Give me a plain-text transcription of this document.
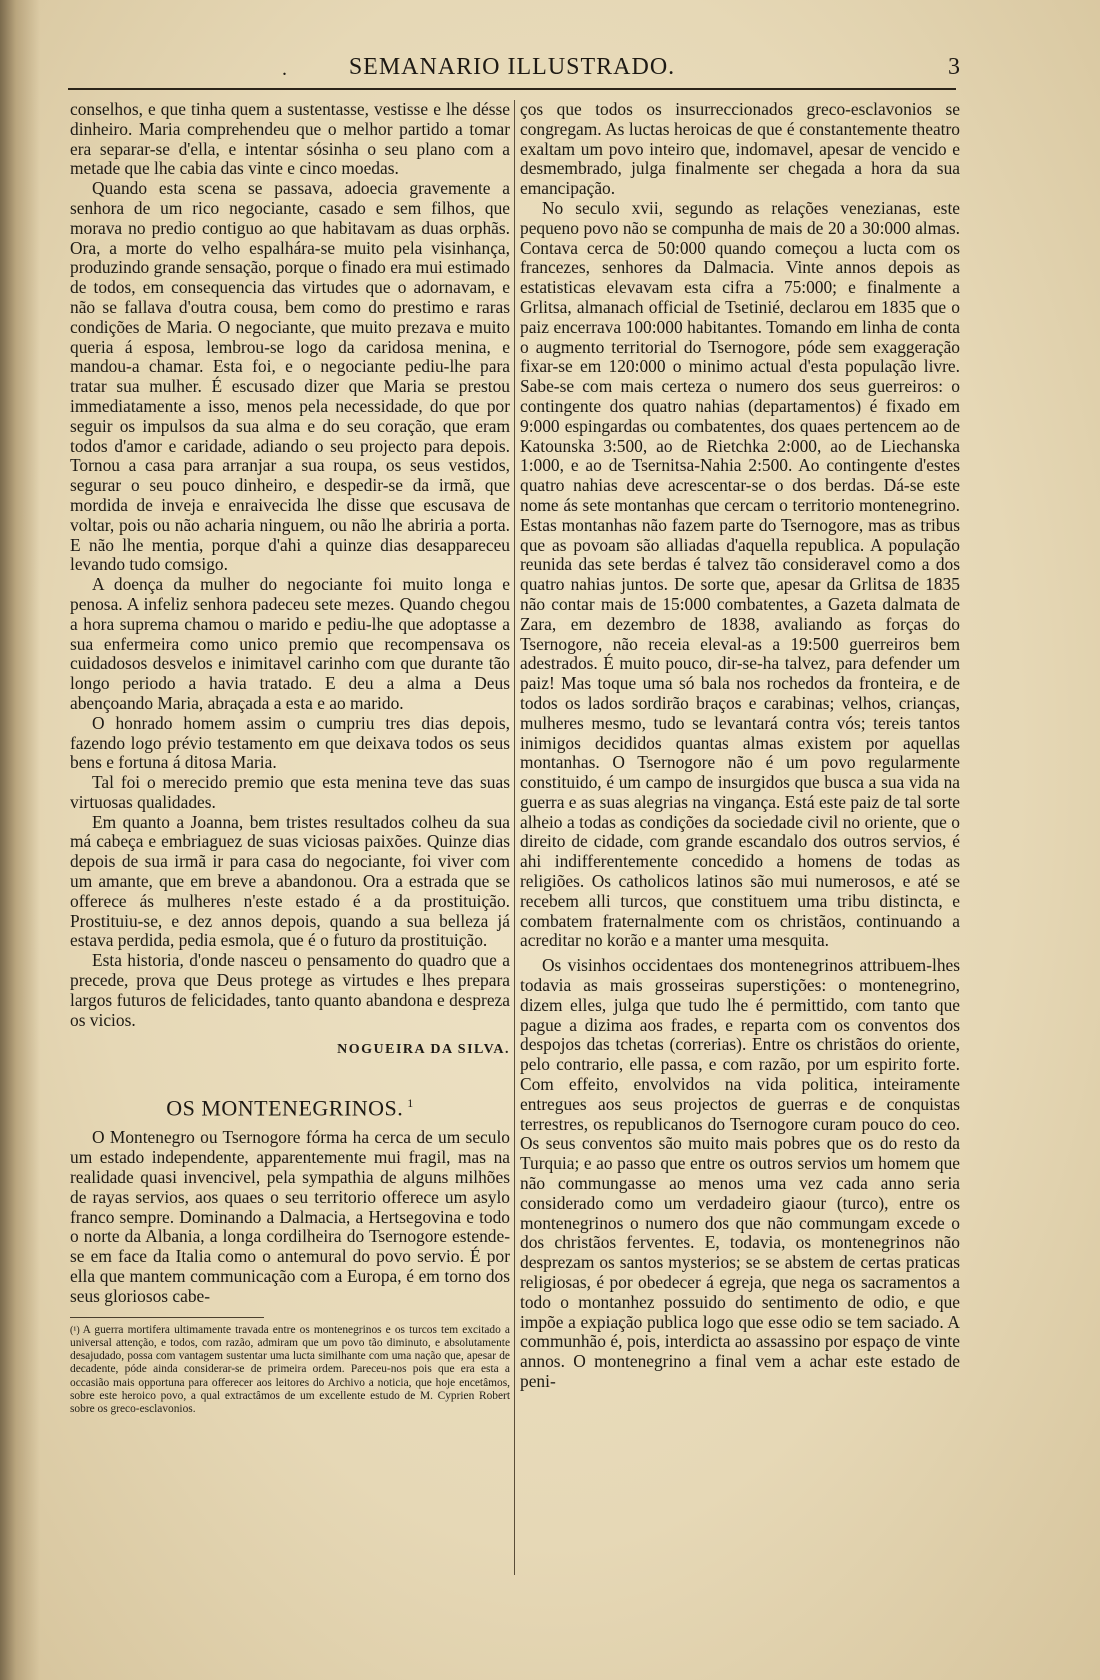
.	SEMANARIO ILLUSTRADO.	3

conselhos, e que tinha quem a sustentasse, vestisse e lhe désse dinheiro. Maria comprehendeu que o melhor partido a tomar era separar-se d'ella, e intentar sósinha o seu plano com a metade que lhe cabia das vinte e cinco moedas.

Quando esta scena se passava, adoecia gravemente a senhora de um rico negociante, casado e sem filhos, que morava no predio contiguo ao que habitavam as duas orphãs. Ora, a morte do velho espalhára-se muito pela visinhança, produzindo grande sensação, porque o finado era mui estimado de todos, em consequencia das virtudes que o adornavam, e não se fallava d'outra cousa, bem como do prestimo e raras condições de Maria. O negociante, que muito prezava e muito queria á esposa, lembrou-se logo da caridosa menina, e mandou-a chamar. Esta foi, e o negociante pediu-lhe para tratar sua mulher. É escusado dizer que Maria se prestou immediatamente a isso, menos pela necessidade, do que por seguir os impulsos da sua alma e do seu coração, que eram todos d'amor e caridade, adiando o seu projecto para depois. Tornou a casa para arranjar a sua roupa, os seus vestidos, segurar o seu pouco dinheiro, e despedir-se da irmã, que mordida de inveja e enraivecida lhe disse que escusava de voltar, pois ou não acharia ninguem, ou não lhe abriria a porta. E não lhe mentia, porque d'ahi a quinze dias desappareceu levando tudo comsigo.

A doença da mulher do negociante foi muito longa e penosa. A infeliz senhora padeceu sete mezes. Quando chegou a hora suprema chamou o marido e pediu-lhe que adoptasse a sua enfermeira como unico premio que recompensava os cuidadosos desvelos e inimitavel carinho com que durante tão longo periodo a havia tratado. E deu a alma a Deus abençoando Maria, abraçada a esta e ao marido.

O honrado homem assim o cumpriu tres dias depois, fazendo logo prévio testamento em que deixava todos os seus bens e fortuna á ditosa Maria.

Tal foi o merecido premio que esta menina teve das suas virtuosas qualidades.

Em quanto a Joanna, bem tristes resultados colheu da sua má cabeça e embriaguez de suas viciosas paixões. Quinze dias depois de sua irmã ir para casa do negociante, foi viver com um amante, que em breve a abandonou. Ora a estrada que se offerece ás mulheres n'este estado é a da prostituição. Prostituiu-se, e dez annos depois, quando a sua belleza já estava perdida, pedia esmola, que é o futuro da prostituição.

Esta historia, d'onde nasceu o pensamento do quadro que a precede, prova que Deus protege as virtudes e lhes prepara largos futuros de felicidades, tanto quanto abandona e despreza os vicios.

NOGUEIRA DA SILVA.
OS MONTENEGRINOS. $^1$

O Montenegro ou Tsernogore fórma ha cerca de um seculo um estado independente, apparentemente mui fragil, mas na realidade quasi invencivel, pela sympathia de alguns milhões de rayas servios, aos quaes o seu territorio offerece um asylo franco sempre. Dominando a Dalmacia, a Hertsegovina e todo o norte da Albania, a longa cordilheira do Tsernogore estende-se em face da Italia como o antemural do povo servio. É por ella que mantem communicação com a Europa, é em torno dos seus gloriosos cabe-

(¹) A guerra mortifera ultimamente travada entre os montenegrinos e os turcos tem excitado a universal attenção, e todos, com razão, admiram que um povo tão diminuto, e absolutamente desajudado, possa com vantagem sustentar uma lucta similhante com uma nação que, apesar de decadente, póde ainda considerar-se de primeira ordem. Pareceu-nos pois que era esta a occasião mais opportuna para offerecer aos leitores do Archivo a noticia, que hoje encetâmos, sobre este heroico povo, a qual extractâmos de um excellente estudo de M. Cyprien Robert sobre os greco-esclavonios.

ços que todos os insurreccionados greco-esclavonios se congregam. As luctas heroicas de que é constantemente theatro exaltam um povo inteiro que, indomavel, apesar de vencido e desmembrado, julga finalmente ser chegada a hora da sua emancipação.

No seculo xvii, segundo as relações venezianas, este pequeno povo não se compunha de mais de 20 a 30:000 almas. Contava cerca de 50:000 quando começou a lucta com os francezes, senhores da Dalmacia. Vinte annos depois as estatisticas elevavam esta cifra a 75:000; e finalmente a Grlitsa, almanach official de Tsetinié, declarou em 1835 que o paiz encerrava 100:000 habitantes. Tomando em linha de conta o augmento territorial do Tsernogore, póde sem exaggeração fixar-se em 120:000 o minimo actual d'esta população livre. Sabe-se com mais certeza o numero dos seus guerreiros: o contingente dos quatro nahias (departamentos) é fixado em 9:000 espingardas ou combatentes, dos quaes pertencem ao de Katounska 3:500, ao de Rietchka 2:000, ao de Liechanska 1:000, e ao de Tsernitsa-Nahia 2:500. Ao contingente d'estes quatro nahias deve acrescentar-se o dos berdas. Dá-se este nome ás sete montanhas que cercam o territorio montenegrino. Estas montanhas não fazem parte do Tsernogore, mas as tribus que as povoam são alliadas d'aquella republica. A população reunida das sete berdas é talvez tão consideravel como a dos quatro nahias juntos. De sorte que, apesar da Grlitsa de 1835 não contar mais de 15:000 combatentes, a Gazeta dalmata de Zara, em dezembro de 1838, avaliando as forças do Tsernogore, não receia eleval-as a 19:500 guerreiros bem adestrados. É muito pouco, dir-se-ha talvez, para defender um paiz! Mas toque uma só bala nos rochedos da fronteira, e de todos os lados sordirão braços e carabinas; velhos, crianças, mulheres mesmo, tudo se levantará contra vós; tereis tantos inimigos decididos quantas almas existem por aquellas montanhas. O Tsernogore não é um povo regularmente constituido, é um campo de insurgidos que busca a sua vida na guerra e as suas alegrias na vingança. Está este paiz de tal sorte alheio a todas as condições da sociedade civil no oriente, que o direito de cidade, com grande escandalo dos outros servios, é ahi indifferentemente concedido a homens de todas as religiões. Os catholicos latinos são mui numerosos, e até se recebem alli turcos, que constituem uma tribu distincta, e combatem fraternalmente com os christãos, continuando a acreditar no korão e a manter uma mesquita.

Os visinhos occidentaes dos montenegrinos attribuem-lhes todavia as mais grosseiras superstições: o montenegrino, dizem elles, julga que tudo lhe é permittido, com tanto que pague a dizima aos frades, e reparta com os conventos dos despojos das tchetas (correrias). Entre os christãos do oriente, pelo contrario, elle passa, e com razão, por um espirito forte. Com effeito, envolvidos na vida politica, inteiramente entregues aos seus projectos de guerras e de conquistas terrestres, os republicanos do Tsernogore curam pouco do ceo. Os seus conventos são muito mais pobres que os do resto da Turquia; e ao passo que entre os outros servios um homem que não commungasse ao menos uma vez cada anno seria considerado como um verdadeiro giaour (turco), entre os montenegrinos o numero dos que não commungam excede o dos christãos ferventes. E, todavia, os montenegrinos não desprezam os santos mysterios; se se abstem de certas praticas religiosas, é por obedecer á egreja, que nega os sacramentos a todo o montanhez possuido do sentimento de odio, e que impõe a expiação publica logo que esse odio se tem saciado. A communhão é, pois, interdicta ao assassino por espaço de vinte annos. O montenegrino a final vem a achar este estado de peni-
